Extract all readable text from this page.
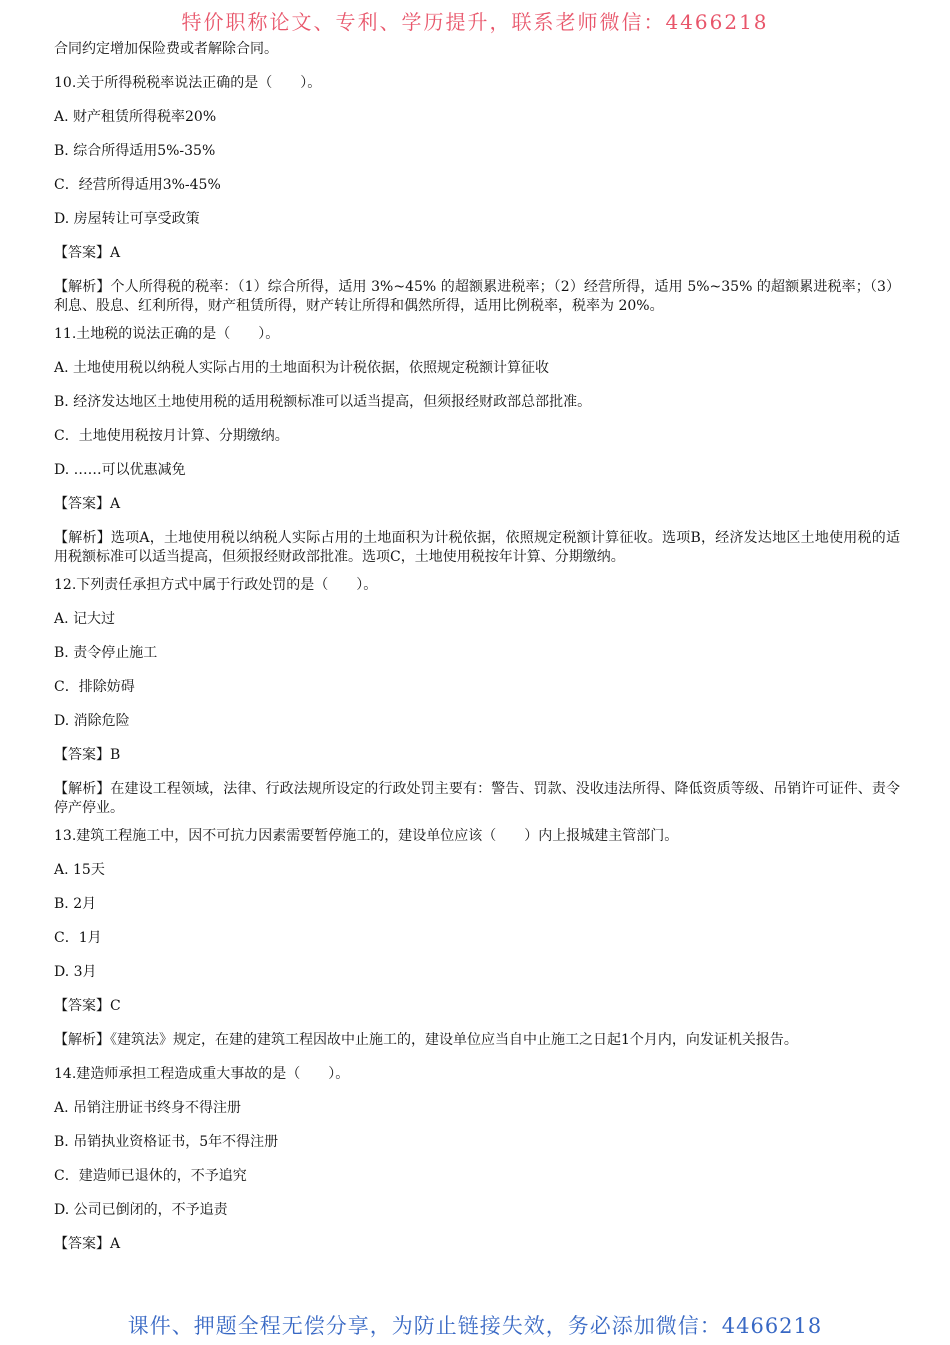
特价职称论文、专利、学历提升，联系老师微信：4466218

合同约定增加保险费或者解除合同。

10.关于所得税税率说法正确的是（　　）。

A. 财产租赁所得税率20%

B. 综合所得适用5%-35%

C．经营所得适用3%-45%

D. 房屋转让可享受政策

【答案】A

【解析】个人所得税的税率：（1）综合所得，适用 3%~45% 的超额累进税率；（2）经营所得，适用 5%~35% 的超额累进税率；（3）利息、股息、红利所得，财产租赁所得，财产转让所得和偶然所得，适用比例税率，税率为 20%。

11.土地税的说法正确的是（　　）。

A. 土地使用税以纳税人实际占用的土地面积为计税依据，依照规定税额计算征收

B. 经济发达地区土地使用税的适用税额标准可以适当提高，但须报经财政部总部批准。

C．土地使用税按月计算、分期缴纳。

D. ……可以优惠减免

【答案】A

【解析】选项A，土地使用税以纳税人实际占用的土地面积为计税依据，依照规定税额计算征收。选项B，经济发达地区土地使用税的适用税额标准可以适当提高，但须报经财政部批准。选项C，土地使用税按年计算、分期缴纳。

12.下列责任承担方式中属于行政处罚的是（　　）。

A. 记大过

B. 责令停止施工

C．排除妨碍

D. 消除危险

【答案】B

【解析】在建设工程领域，法律、行政法规所设定的行政处罚主要有：警告、罚款、没收违法所得、降低资质等级、吊销许可证件、责令停产停业。

13.建筑工程施工中，因不可抗力因素需要暂停施工的，建设单位应该（　　）内上报城建主管部门。

A. 15天

B. 2月

C．1月

D. 3月

【答案】C

【解析】《建筑法》规定，在建的建筑工程因故中止施工的，建设单位应当自中止施工之日起1个月内，向发证机关报告。

14.建造师承担工程造成重大事故的是（　　）。

A. 吊销注册证书终身不得注册

B. 吊销执业资格证书，5年不得注册

C．建造师已退休的，不予追究

D. 公司已倒闭的，不予追责

【答案】A

课件、押题全程无偿分享，为防止链接失效，务必添加微信：4466218
